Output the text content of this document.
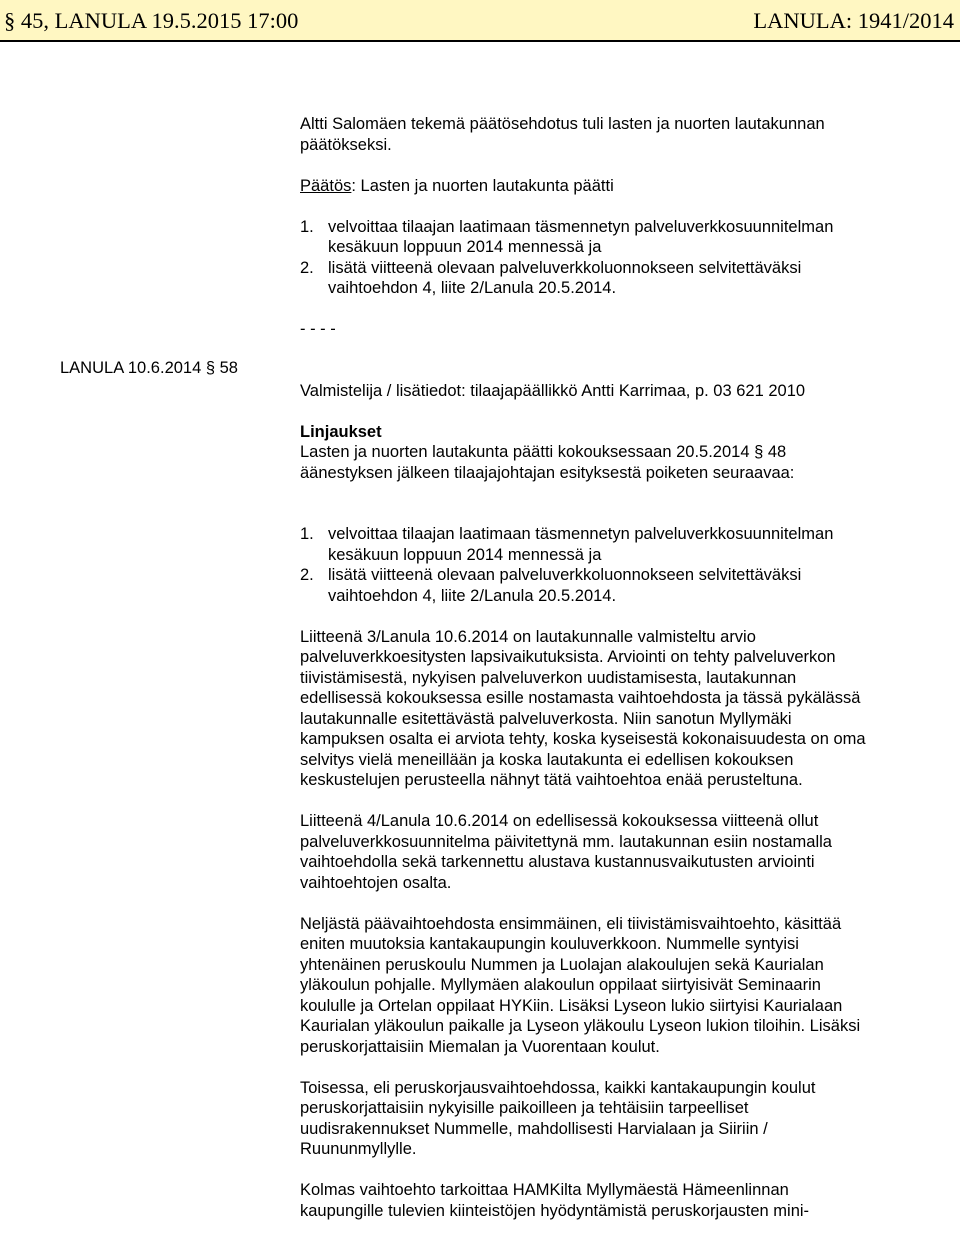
§ 45, LANULA 19.5.2015 17:00	LANULA: 1941/2014
LANULA 10.6.2014 § 58

Altti Salomäen tekemä päätösehdotus tuli lasten ja nuorten lautakunnan päätökseksi.

Päätös: Lasten ja nuorten lautakunta päätti

1. velvoittaa tilaajan laatimaan täsmennetyn palveluverkkosuunnitelman kesäkuun loppuun 2014 mennessä ja
2. lisätä viitteenä olevaan palveluverkkoluonnokseen selvitettäväksi vaihtoehdon 4, liite 2/Lanula 20.5.2014.

- - - -

Valmistelija / lisätiedot: tilaajapäällikkö Antti Karrimaa, p. 03 621 2010

Linjaukset

Lasten ja nuorten lautakunta päätti kokouksessaan 20.5.2014 § 48 äänestyksen jälkeen tilaajajohtajan esityksestä poiketen seuraavaa:

1. velvoittaa tilaajan laatimaan täsmennetyn palveluverkkosuunnitelman kesäkuun loppuun 2014 mennessä ja
2. lisätä viitteenä olevaan palveluverkkoluonnokseen selvitettäväksi vaihtoehdon 4, liite 2/Lanula 20.5.2014.

Liitteenä 3/Lanula 10.6.2014 on lautakunnalle valmisteltu arvio palveluverkkoesitysten lapsivaikutuksista. Arviointi on tehty palveluverkon tiivistämisestä, nykyisen palveluverkon uudistamisesta, lautakunnan edellisessä kokouksessa esille nostamasta vaihtoehdosta ja tässä pykälässä lautakunnalle esitettävästä palveluverkosta. Niin sanotun Myllymäki kampuksen osalta ei arviota tehty, koska kyseisestä kokonaisuudesta on oma selvitys vielä meneillään ja koska lautakunta ei edellisen kokouksen keskustelujen perusteella nähnyt tätä vaihtoehtoa enää perusteltuna.

Liitteenä 4/Lanula 10.6.2014 on edellisessä kokouksessa viitteenä ollut palveluverkkosuunnitelma päivitettynä mm. lautakunnan esiin nostamalla vaihtoehdolla sekä tarkennettu alustava kustannusvaikutusten arviointi vaihtoehtojen osalta.

Neljästä päävaihtoehdosta ensimmäinen, eli tiivistämisvaihtoehto, käsittää eniten muutoksia kantakaupungin kouluverkkoon. Nummelle syntyisi yhtenäinen peruskoulu Nummen ja Luolajan alakoulujen sekä Kaurialan yläkoulun pohjalle. Myllymäen alakoulun oppilaat siirtyisivät Seminaarin koululle ja Ortelan oppilaat HYKiin. Lisäksi Lyseon lukio siirtyisi Kaurialaan Kaurialan yläkoulun paikalle ja Lyseon yläkoulu Lyseon lukion tiloihin. Lisäksi peruskorjattaisiin Miemalan ja Vuorentaan koulut.

Toisessa, eli peruskorjausvaihtoehdossa, kaikki kantakaupungin koulut peruskorjattaisiin nykyisille paikoilleen ja tehtäisiin tarpeelliset uudisrakennukset Nummelle, mahdollisesti Harvialaan ja Siiriin / Ruununmyllylle.

Kolmas vaihtoehto tarkoittaa HAMKilta Myllymäestä Hämeenlinnan kaupungille tulevien kiinteistöjen hyödyntämistä peruskorjausten mini-
